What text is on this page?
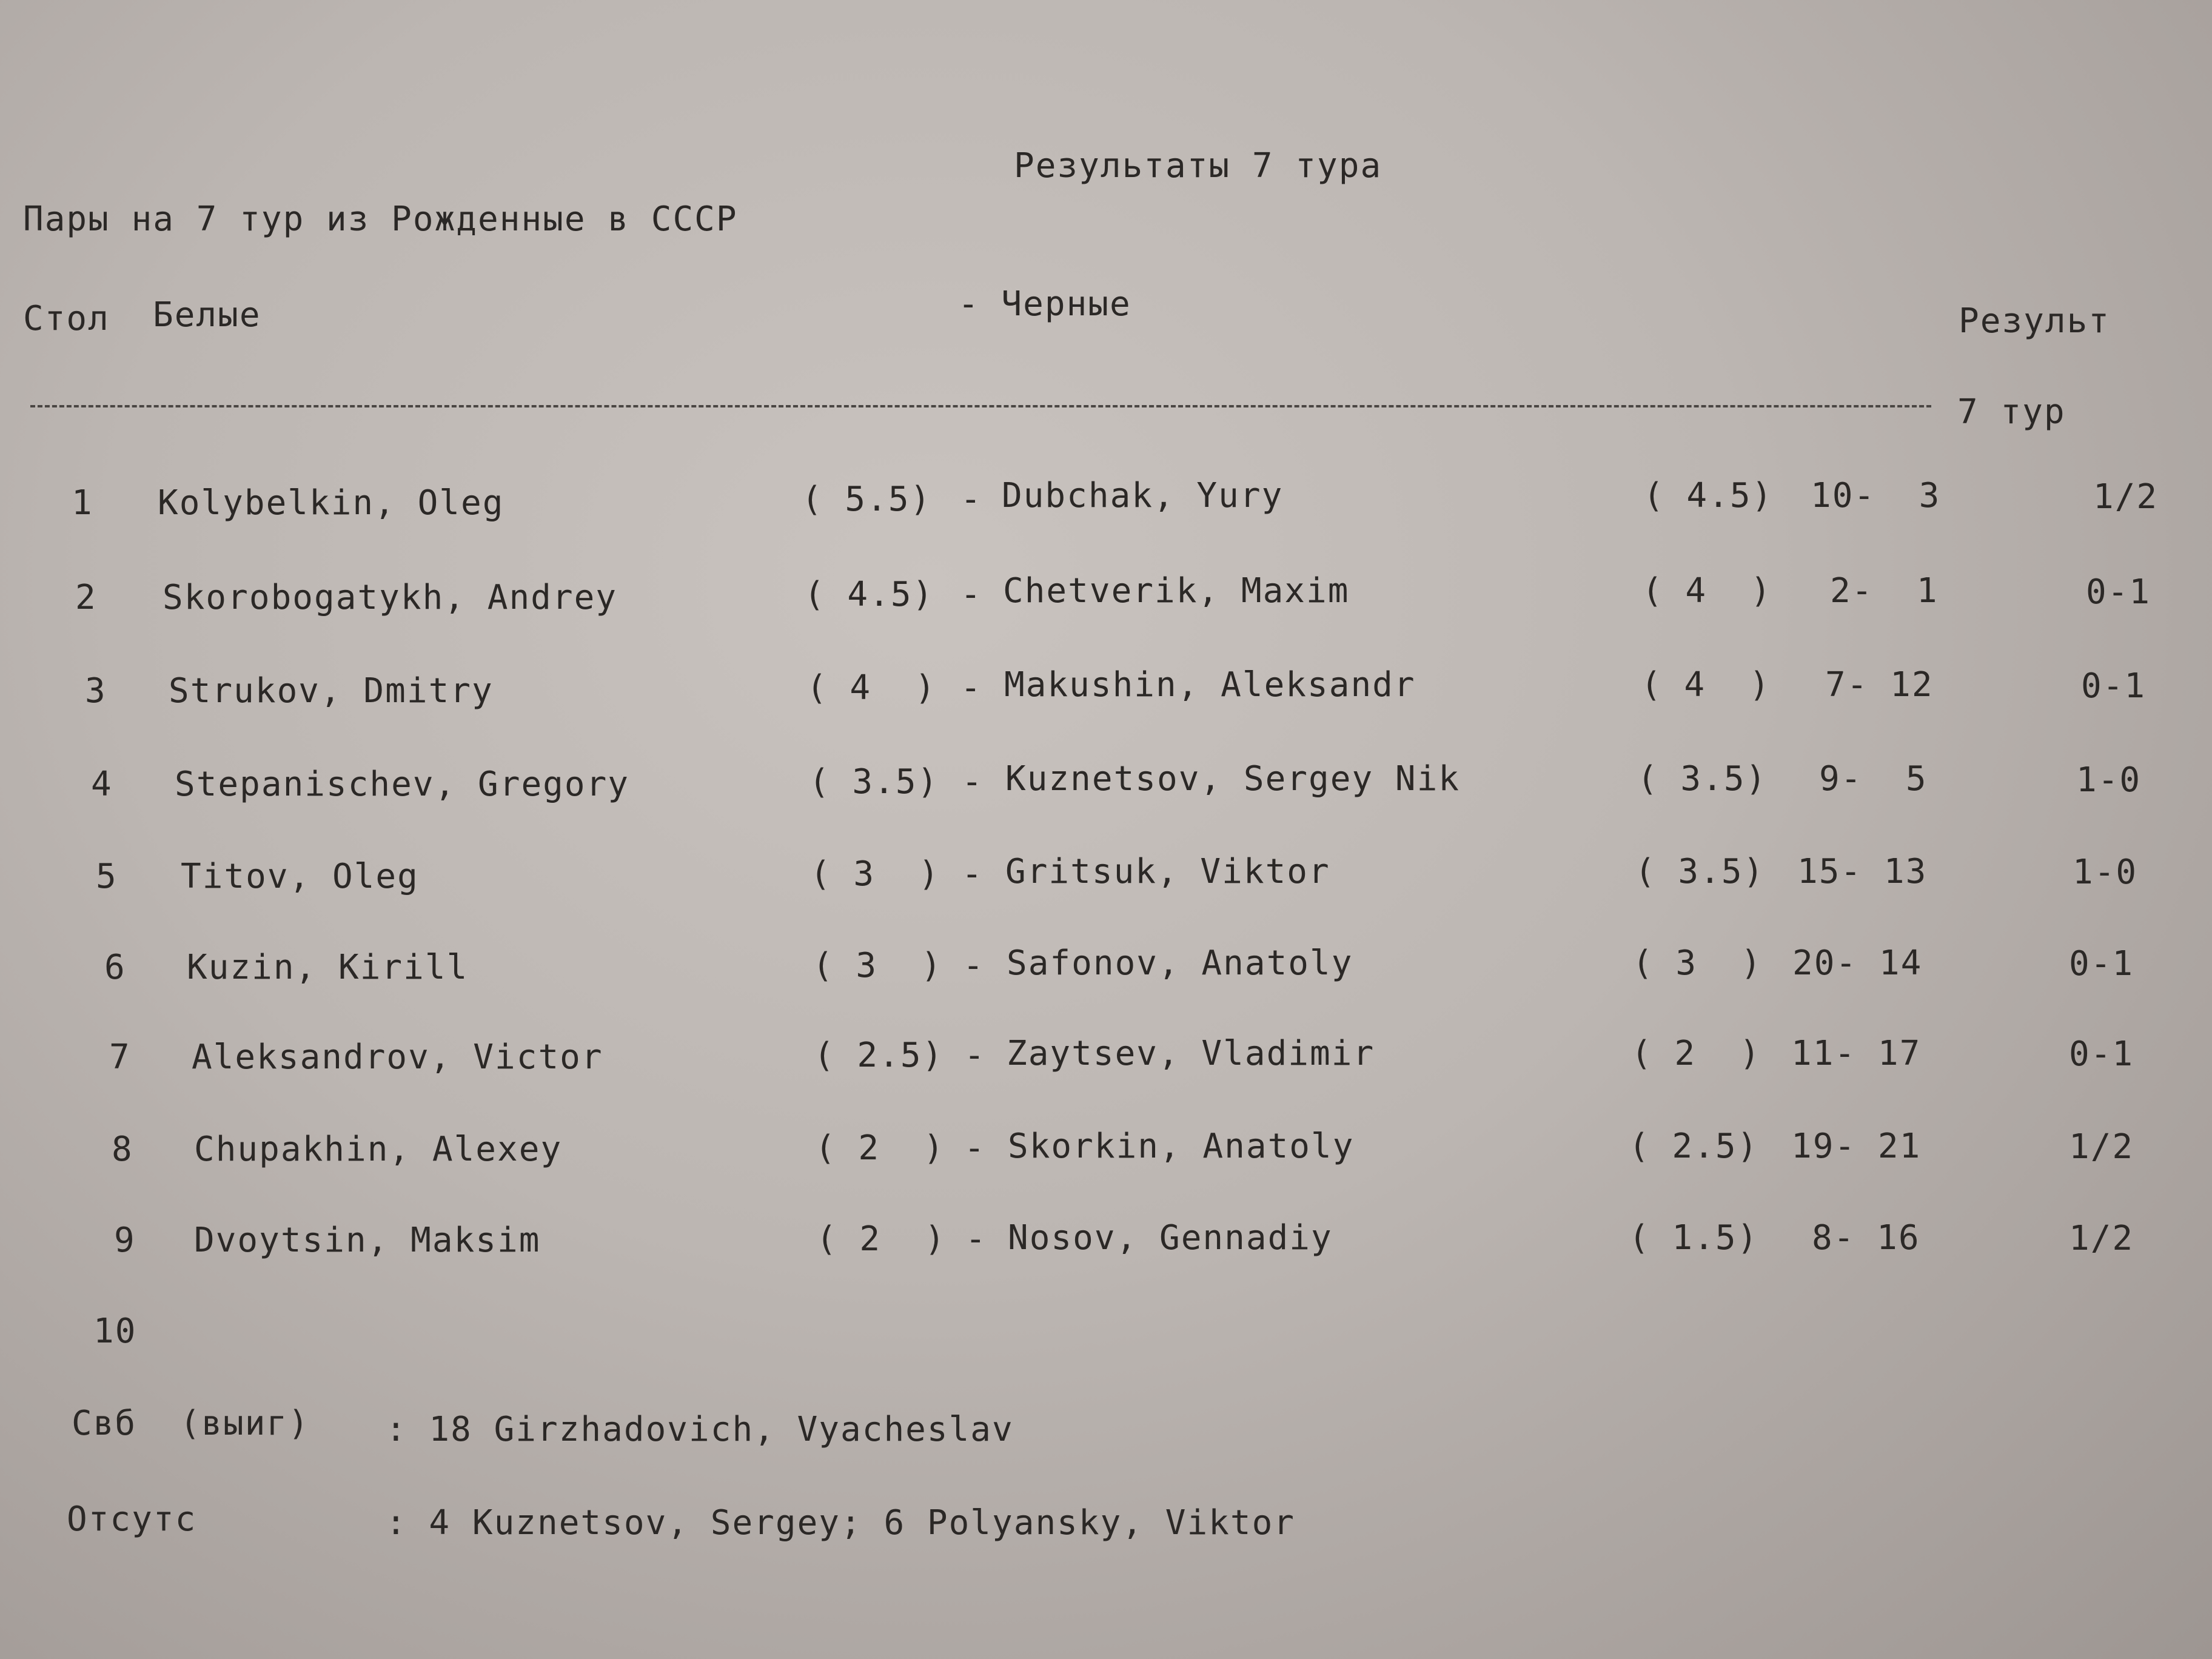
Результаты 7 тура
Пары на 7 тур из Рожденные в СССР
Стол Белые	- Черные	Результ
7 тур
1 Kolybelkin, Oleg	( 5.5) - Dubchak, Yury	( 4.5) 10-  3	1/2
2 Skorobogatykh, Andrey	( 4.5) - Chetverik, Maxim	( 4  ) 2-  1	0-1
3 Strukov, Dmitry	( 4  ) - Makushin, Aleksandr	( 4  ) 7- 12	0-1
4 Stepanischev, Gregory	( 3.5) - Kuznetsov, Sergey Nik	( 3.5) 9-  5	1-0
5 Titov, Oleg	( 3  ) - Gritsuk, Viktor	( 3.5) 15- 13	1-0
6 Kuzin, Kirill	( 3  ) - Safonov, Anatoly	( 3  ) 20- 14	0-1
7 Aleksandrov, Victor	( 2.5) - Zaytsev, Vladimir	( 2  ) 11- 17	0-1
8 Chupakhin, Alexey	( 2  ) - Skorkin, Anatoly	( 2.5) 19- 21	1/2
9 Dvoytsin, Maksim	( 2  ) - Nosov, Gennadiy	( 1.5) 8- 16	1/2
10
Свб  (выиг) : 18 Girzhadovich, Vyacheslav
Отсутс	: 4 Kuznetsov, Sergey; 6 Polyansky, Viktor
